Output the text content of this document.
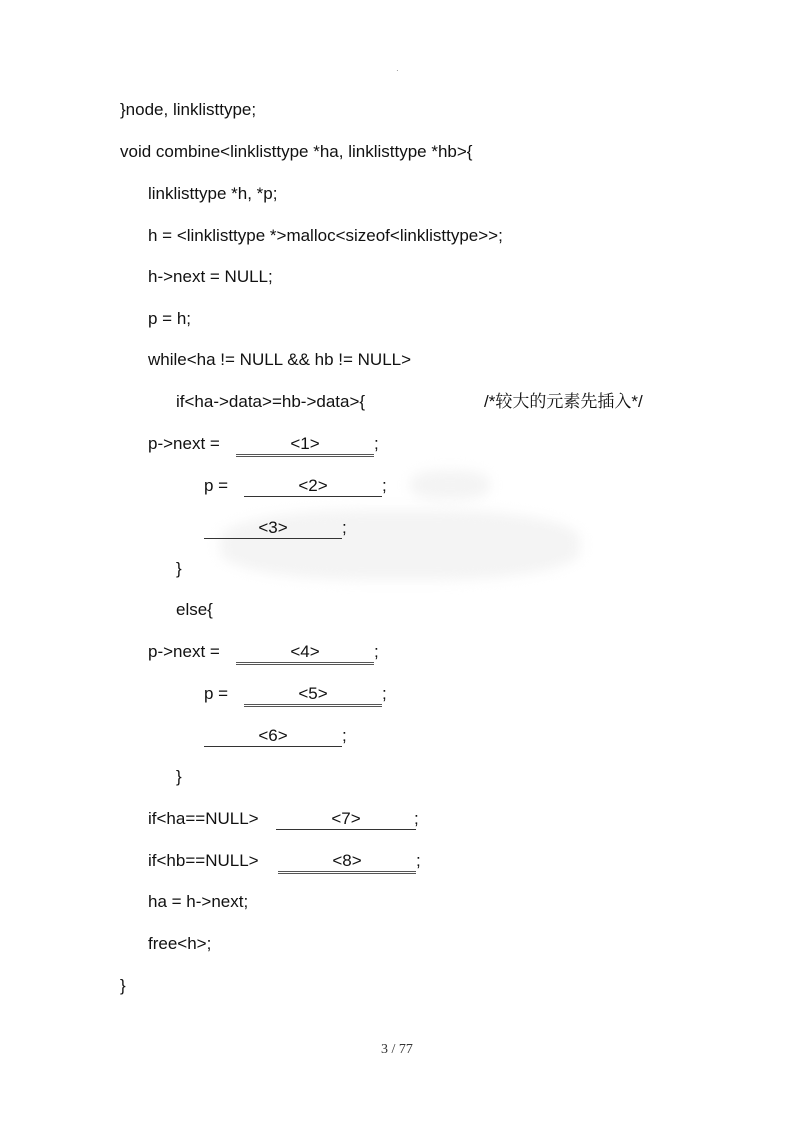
·
}node, linklisttype;
void combine<linklisttype *ha, linklisttype *hb>{
linklisttype *h, *p;
h = <linklisttype *>malloc<sizeof<linklisttype>>;
h->next = NULL;
p = h;
while<ha != NULL && hb != NULL>
if<ha->data>=hb->data>{	/*较大的元素先插入*/
p->next =	<1>	;
p =	<2>	;
<3>	;
}
else{
p->next =	<4>	;
p =	<5>	;
<6>	;
}
if<ha==NULL>	<7>	;
if<hb==NULL>	<8>	;
ha = h->next;
free<h>;
}
3 / 77
